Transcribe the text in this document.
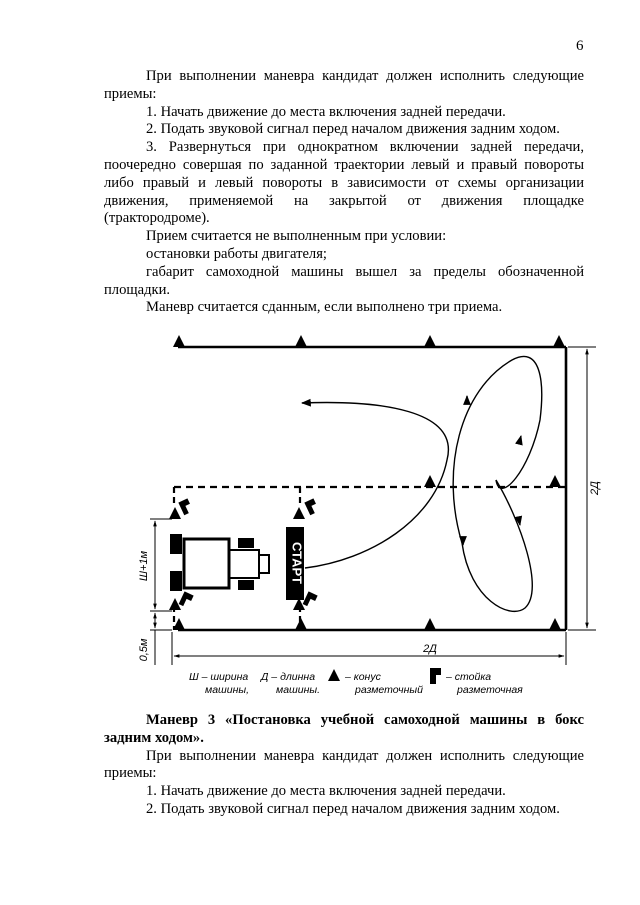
6

При выполнении маневра кандидат должен исполнить следующие приемы:

1. Начать движение до места включения задней передачи.

2. Подать звуковой сигнал перед началом движения задним ходом.

3. Развернуться при однократном включении задней передачи, поочередно совершая по заданной траектории левый и правый повороты либо правый и левый повороты в зависимости от схемы организации движения, применяемой на закрытой от движения площадке (трактородроме).

Прием считается не выполненным при условии:

остановки работы двигателя;

габарит самоходной машины вышел за пределы обозначенной площадки.

Маневр считается сданным, если выполнено три приема.

СТАРТ
Ш+1м
0,5м	2Д
2Д
Ш – ширина
машины,
Д – длинна
машины.
– конус
разметочный
– стойка
разметочная

Маневр 3 «Постановка учебной самоходной машины в бокс задним ходом».

При выполнении маневра кандидат должен исполнить следующие приемы:

1. Начать движение до места включения задней передачи.

2. Подать звуковой сигнал перед началом движения задним ходом.
